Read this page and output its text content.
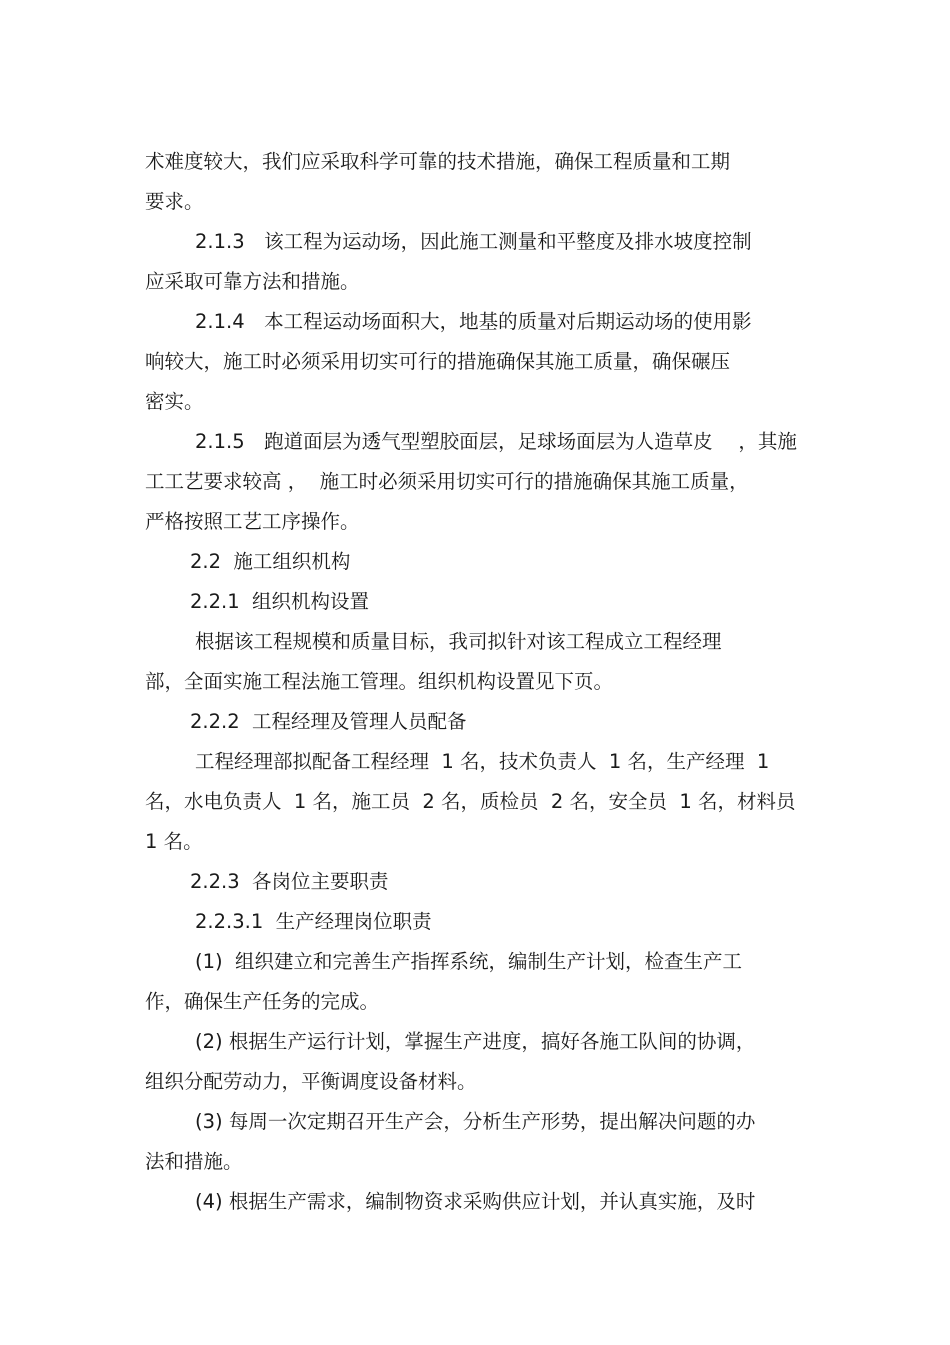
术难度较大，我们应采取科学可靠的技术措施，确保工程质量和工期
要求。
2.1.3　该工程为运动场，因此施工测量和平整度及排水坡度控制
应采取可靠方法和措施。
2.1.4　本工程运动场面积大，地基的质量对后期运动场的使用影
响较大，施工时必须采用切实可行的措施确保其施工质量，确保碾压
密实。
2.1.5　跑道面层为透气型塑胶面层，足球场面层为人造草皮　 ，其施
工工艺要求较高 ，  施工时必须采用切实可行的措施确保其施工质量，
严格按照工艺工序操作。
2.2  施工组织机构
2.2.1  组织机构设置
根据该工程规模和质量目标，我司拟针对该工程成立工程经理
部，全面实施工程法施工管理。组织机构设置见下页。
2.2.2  工程经理及管理人员配备
工程经理部拟配备工程经理  1 名，技术负责人  1 名，生产经理  1
名，水电负责人  1 名，施工员  2 名，质检员  2 名，安全员  1 名，材料员
1 名。
2.2.3  各岗位主要职责
2.2.3.1  生产经理岗位职责
(1)  组织建立和完善生产指挥系统，编制生产计划，检查生产工
作，确保生产任务的完成。
(2) 根据生产运行计划，掌握生产进度，搞好各施工队间的协调，
组织分配劳动力，平衡调度设备材料。
(3) 每周一次定期召开生产会，分析生产形势，提出解决问题的办
法和措施。
(4) 根据生产需求，编制物资求采购供应计划，并认真实施，及时
